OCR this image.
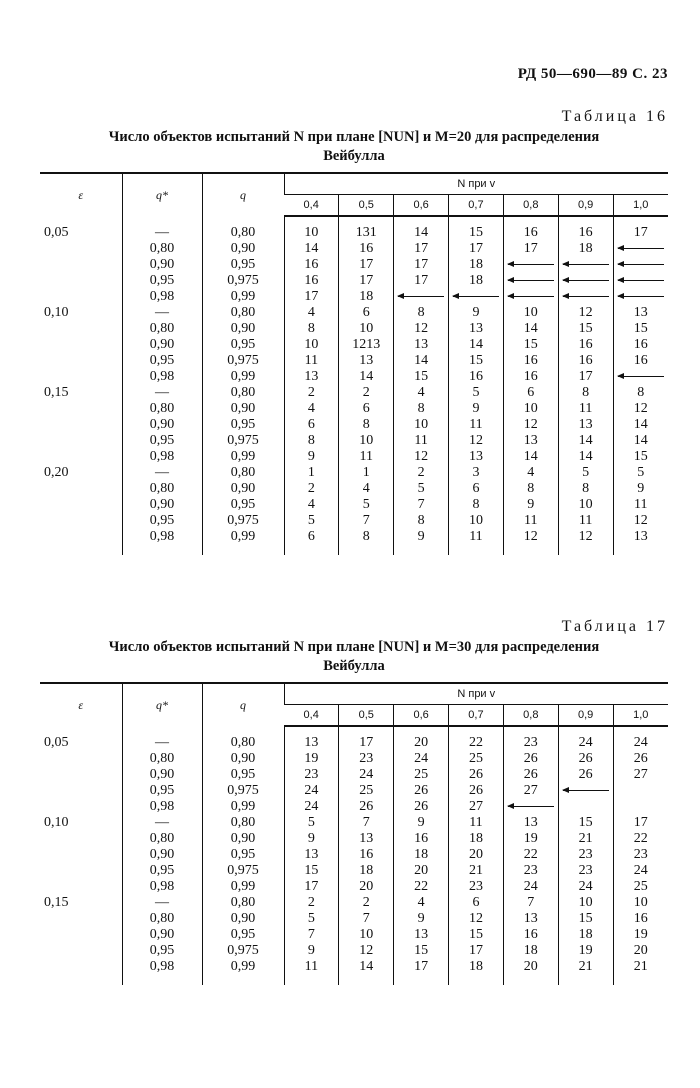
РД 50—690—89 С. 23
Таблица 16
Число объектов испытаний N при плане [NUN] и M=20 для распределения
Вейбулла
ε	q*	q	N при v						
			0,4	0,5	0,6	0,7	0,8	0,9	1,0
0,05	—	0,80	10	131	14	15	16	16	17
	0,80	0,90	14	16	17	17	17	18	
	0,90	0,95	16	17	17	18			
	0,95	0,975	16	17	17	18			
	0,98	0,99	17	18					
0,10	—	0,80	4	6	8	9	10	12	13
	0,80	0,90	8	10	12	13	14	15	15
	0,90	0,95	10	1213	13	14	15	16	16
	0,95	0,975	11	13	14	15	16	16	16
	0,98	0,99	13	14	15	16	16	17	
0,15	—	0,80	2	2	4	5	6	8	8
	0,80	0,90	4	6	8	9	10	11	12
	0,90	0,95	6	8	10	11	12	13	14
	0,95	0,975	8	10	11	12	13	14	14
	0,98	0,99	9	11	12	13	14	14	15
0,20	—	0,80	1	1	2	3	4	5	5
	0,80	0,90	2	4	5	6	8	8	9
	0,90	0,95	4	5	7	8	9	10	11
	0,95	0,975	5	7	8	10	11	11	12
	0,98	0,99	6	8	9	11	12	12	13

Таблица 17
Число объектов испытаний N при плане [NUN] и M=30 для распределения
Вейбулла
ε	q*	q	N при v						
			0,4	0,5	0,6	0,7	0,8	0,9	1,0
0,05	—	0,80	13	17	20	22	23	24	24
	0,80	0,90	19	23	24	25	26	26	26
	0,90	0,95	23	24	25	26	26	26	27
	0,95	0,975	24	25	26	26	27		
	0,98	0,99	24	26	26	27			
0,10	—	0,80	5	7	9	11	13	15	17
	0,80	0,90	9	13	16	18	19	21	22
	0,90	0,95	13	16	18	20	22	23	23
	0,95	0,975	15	18	20	21	23	23	24
	0,98	0,99	17	20	22	23	24	24	25
0,15	—	0,80	2	2	4	6	7	10	10
	0,80	0,90	5	7	9	12	13	15	16
	0,90	0,95	7	10	13	15	16	18	19
	0,95	0,975	9	12	15	17	18	19	20
	0,98	0,99	11	14	17	18	20	21	21
